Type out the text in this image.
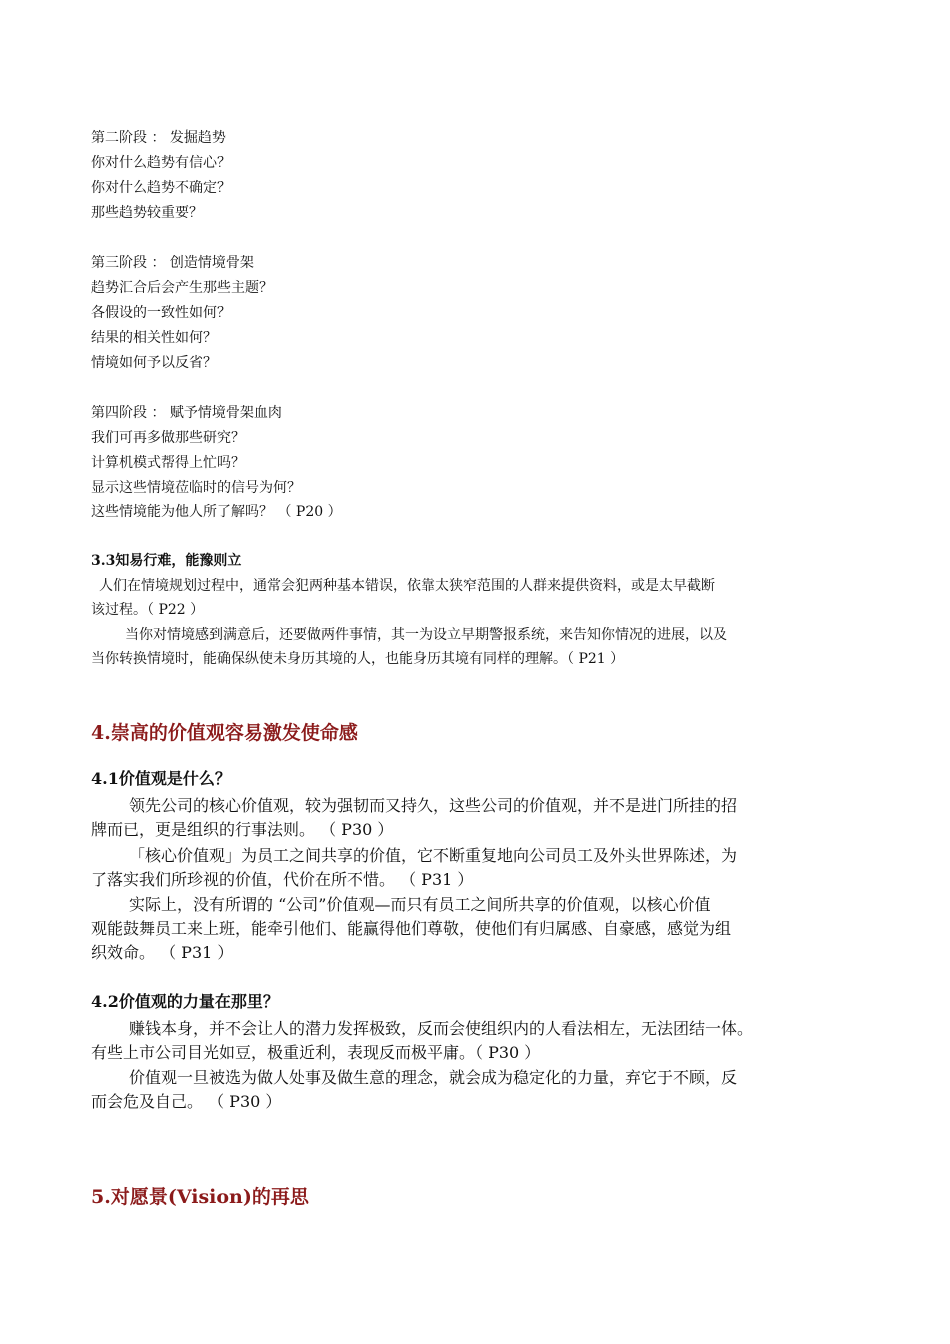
第二阶段 ： 发掘趋势
你对什么趋势有信心？
你对什么趋势不确定？
那些趋势较重要？
第三阶段 ： 创造情境骨架
趋势汇合后会产生那些主题？
各假设的一致性如何？
结果的相关性如何？
情境如何予以反省？
第四阶段 ： 赋予情境骨架血肉
我们可再多做那些研究？
计算机模式帮得上忙吗？
显示这些情境莅临时的信号为何？
这些情境能为他人所了解吗？ （ P20 ）
3.3知易行难，能豫则立
人们在情境规划过程中，通常会犯两种基本错误，依靠太狭窄范围的人群来提供资料，或是太早截断
该过程。（ P22 ）
当你对情境感到满意后，还要做两件事情，其一为设立早期警报系统，来告知你情况的进展，以及
当你转换情境时，能确保纵使未身历其境的人，也能身历其境有同样的理解。（ P21 ）
4.崇高的价值观容易激发使命感
4.1价值观是什么？
领先公司的核心价值观，较为强韧而又持久，这些公司的价值观，并不是进门所挂的招
牌而已，更是组织的行事法则。 （ P30 ）
「核心价值观」为员工之间共享的价值，它不断重复地向公司员工及外头世界陈述，为
了落实我们所珍视的价值，代价在所不惜。 （ P31 ）
实际上，没有所谓的 “公司”价值观—而只有员工之间所共享的价值观，以核心价值
观能鼓舞员工来上班，能牵引他们、能赢得他们尊敬，使他们有归属感、自豪感，感觉为组
织效命。 （ P31 ）
4.2价值观的力量在那里？
赚钱本身，并不会让人的潜力发挥极致，反而会使组织内的人看法相左，无法团结一体。
有些上市公司目光如豆，极重近利，表现反而极平庸。（ P30 ）
价值观一旦被选为做人处事及做生意的理念，就会成为稳定化的力量，弃它于不顾，反
而会危及自己。 （ P30 ）
5.对愿景(Vision)的再思
